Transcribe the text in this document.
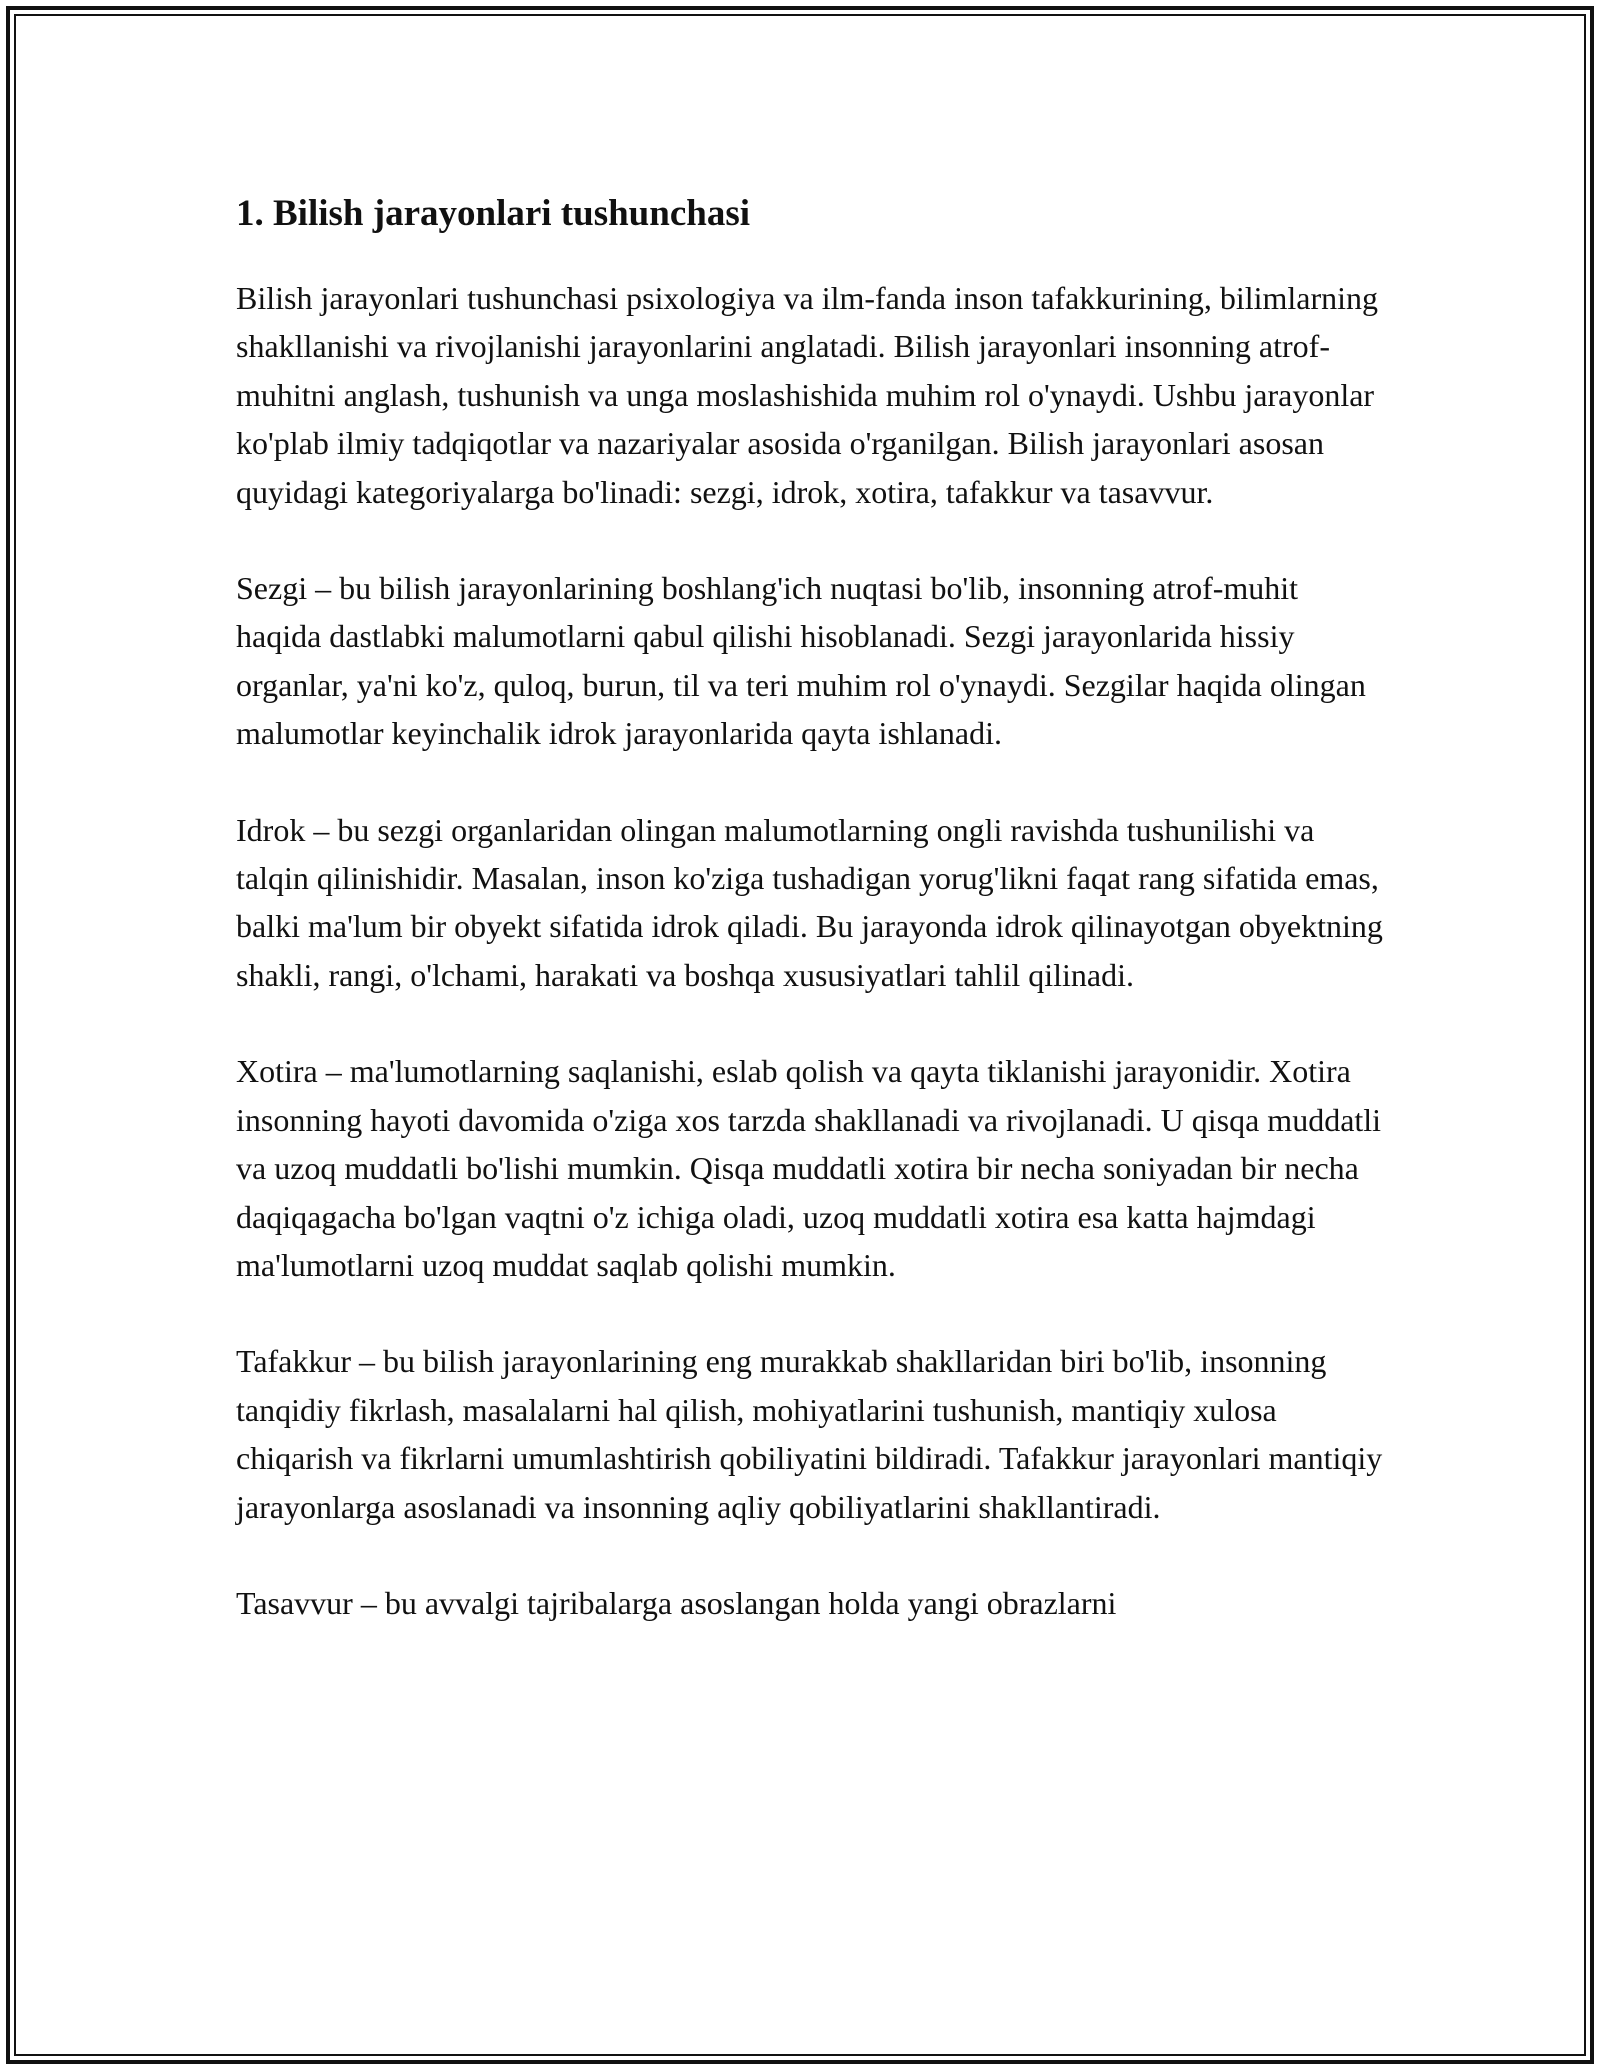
1. Bilish jarayonlari tushunchasi

Bilish jarayonlari tushunchasi psixologiya va ilm-fanda inson tafakkurining, bilimlarning shakllanishi va rivojlanishi jarayonlarini anglatadi. Bilish jarayonlari insonning atrof-muhitni anglash, tushunish va unga moslashishida muhim rol o'ynaydi. Ushbu jarayonlar ko'plab ilmiy tadqiqotlar va nazariyalar asosida o'rganilgan. Bilish jarayonlari asosan quyidagi kategoriyalarga bo'linadi: sezgi, idrok, xotira, tafakkur va tasavvur.

Sezgi – bu bilish jarayonlarining boshlang'ich nuqtasi bo'lib, insonning atrof-muhit haqida dastlabki malumotlarni qabul qilishi hisoblanadi. Sezgi jarayonlarida hissiy organlar, ya'ni ko'z, quloq, burun, til va teri muhim rol o'ynaydi. Sezgilar haqida olingan malumotlar keyinchalik idrok jarayonlarida qayta ishlanadi.

Idrok – bu sezgi organlaridan olingan malumotlarning ongli ravishda tushunilishi va talqin qilinishidir. Masalan, inson ko'ziga tushadigan yorug'likni faqat rang sifatida emas, balki ma'lum bir obyekt sifatida idrok qiladi. Bu jarayonda idrok qilinayotgan obyektning shakli, rangi, o'lchami, harakati va boshqa xususiyatlari tahlil qilinadi.

Xotira – ma'lumotlarning saqlanishi, eslab qolish va qayta tiklanishi jarayonidir. Xotira insonning hayoti davomida o'ziga xos tarzda shakllanadi va rivojlanadi. U qisqa muddatli va uzoq muddatli bo'lishi mumkin. Qisqa muddatli xotira bir necha soniyadan bir necha daqiqagacha bo'lgan vaqtni o'z ichiga oladi, uzoq muddatli xotira esa katta hajmdagi ma'lumotlarni uzoq muddat saqlab qolishi mumkin.

Tafakkur – bu bilish jarayonlarining eng murakkab shakllaridan biri bo'lib, insonning tanqidiy fikrlash, masalalarni hal qilish, mohiyatlarini tushunish, mantiqiy xulosa chiqarish va fikrlarni umumlashtirish qobiliyatini bildiradi. Tafakkur jarayonlari mantiqiy jarayonlarga asoslanadi va insonning aqliy qobiliyatlarini shakllantiradi.

Tasavvur – bu avvalgi tajribalarga asoslangan holda yangi obrazlarni
